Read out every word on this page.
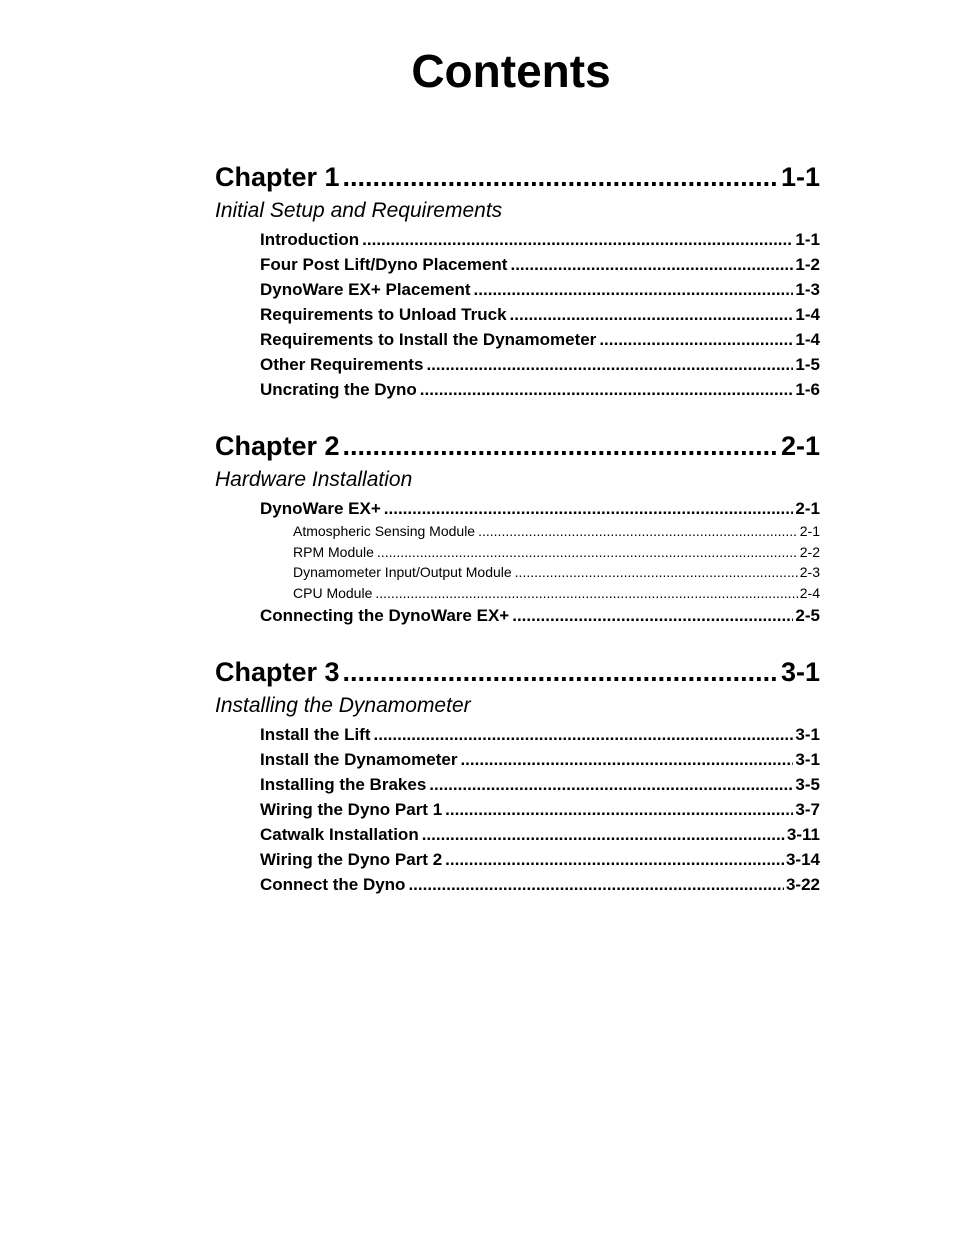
Contents
Chapter 1 .....	1-1
Initial Setup and Requirements
Introduction .....	1-1
Four Post Lift/Dyno Placement .....	1-2
DynoWare EX+ Placement .....	1-3
Requirements to Unload Truck .....	1-4
Requirements to Install the Dynamometer .....	1-4
Other Requirements .....	1-5
Uncrating the Dyno .....	1-6
Chapter 2 .....	2-1
Hardware Installation
DynoWare EX+ .....	2-1
Atmospheric Sensing Module .....	2-1
RPM Module .....	2-2
Dynamometer Input/Output Module .....	2-3
CPU Module .....	2-4
Connecting the DynoWare EX+ .....	2-5
Chapter 3 .....	3-1
Installing the Dynamometer
Install the Lift .....	3-1
Install the Dynamometer .....	3-1
Installing the Brakes .....	3-5
Wiring the Dyno Part 1 .....	3-7
Catwalk Installation .....	3-11
Wiring the Dyno Part 2 .....	3-14
Connect the Dyno .....	3-22
